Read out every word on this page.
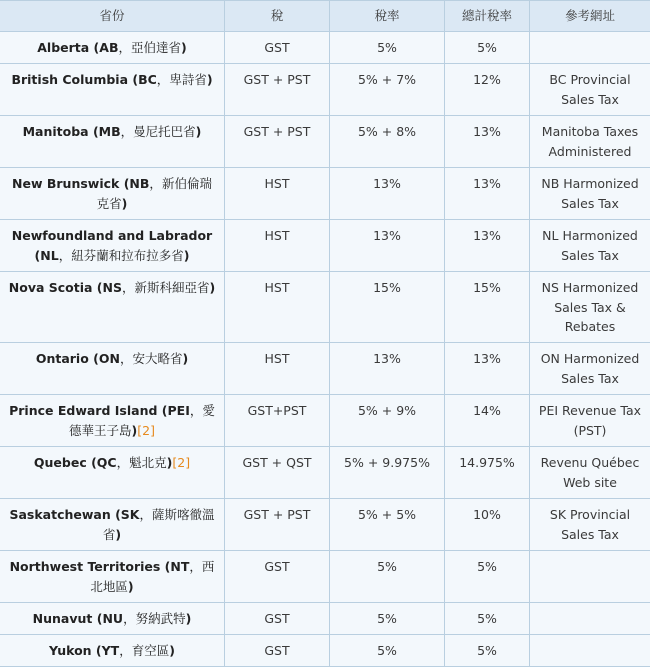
省份	稅	稅率	總計稅率	參考網址
Alberta (AB，亞伯達省)	GST	5%	5%	
British Columbia (BC，卑詩省)	GST + PST	5% + 7%	12%	BC Provincial Sales Tax
Manitoba (MB，曼尼托巴省)	GST + PST	5% + 8%	13%	Manitoba Taxes Administered
New Brunswick (NB，新伯倫瑞克省)	HST	13%	13%	NB Harmonized Sales Tax
Newfoundland and Labrador (NL，紐芬蘭和拉布拉多省)	HST	13%	13%	NL Harmonized Sales Tax
Nova Scotia (NS，新斯科細亞省)	HST	15%	15%	NS Harmonized Sales Tax & Rebates
Ontario (ON，安大略省)	HST	13%	13%	ON Harmonized Sales Tax
Prince Edward Island (PEI，愛德華王子島)[2]	GST+PST	5% + 9%	14%	PEI Revenue Tax (PST)
Quebec (QC，魁北克)[2]	GST + QST	5% + 9.975%	14.975%	Revenu Québec Web site
Saskatchewan (SK，薩斯喀徹溫省)	GST + PST	5% + 5%	10%	SK Provincial Sales Tax
Northwest Territories (NT，西北地區)	GST	5%	5%	
Nunavut (NU，努納武特)	GST	5%	5%	
Yukon (YT，育空區)	GST	5%	5%	
